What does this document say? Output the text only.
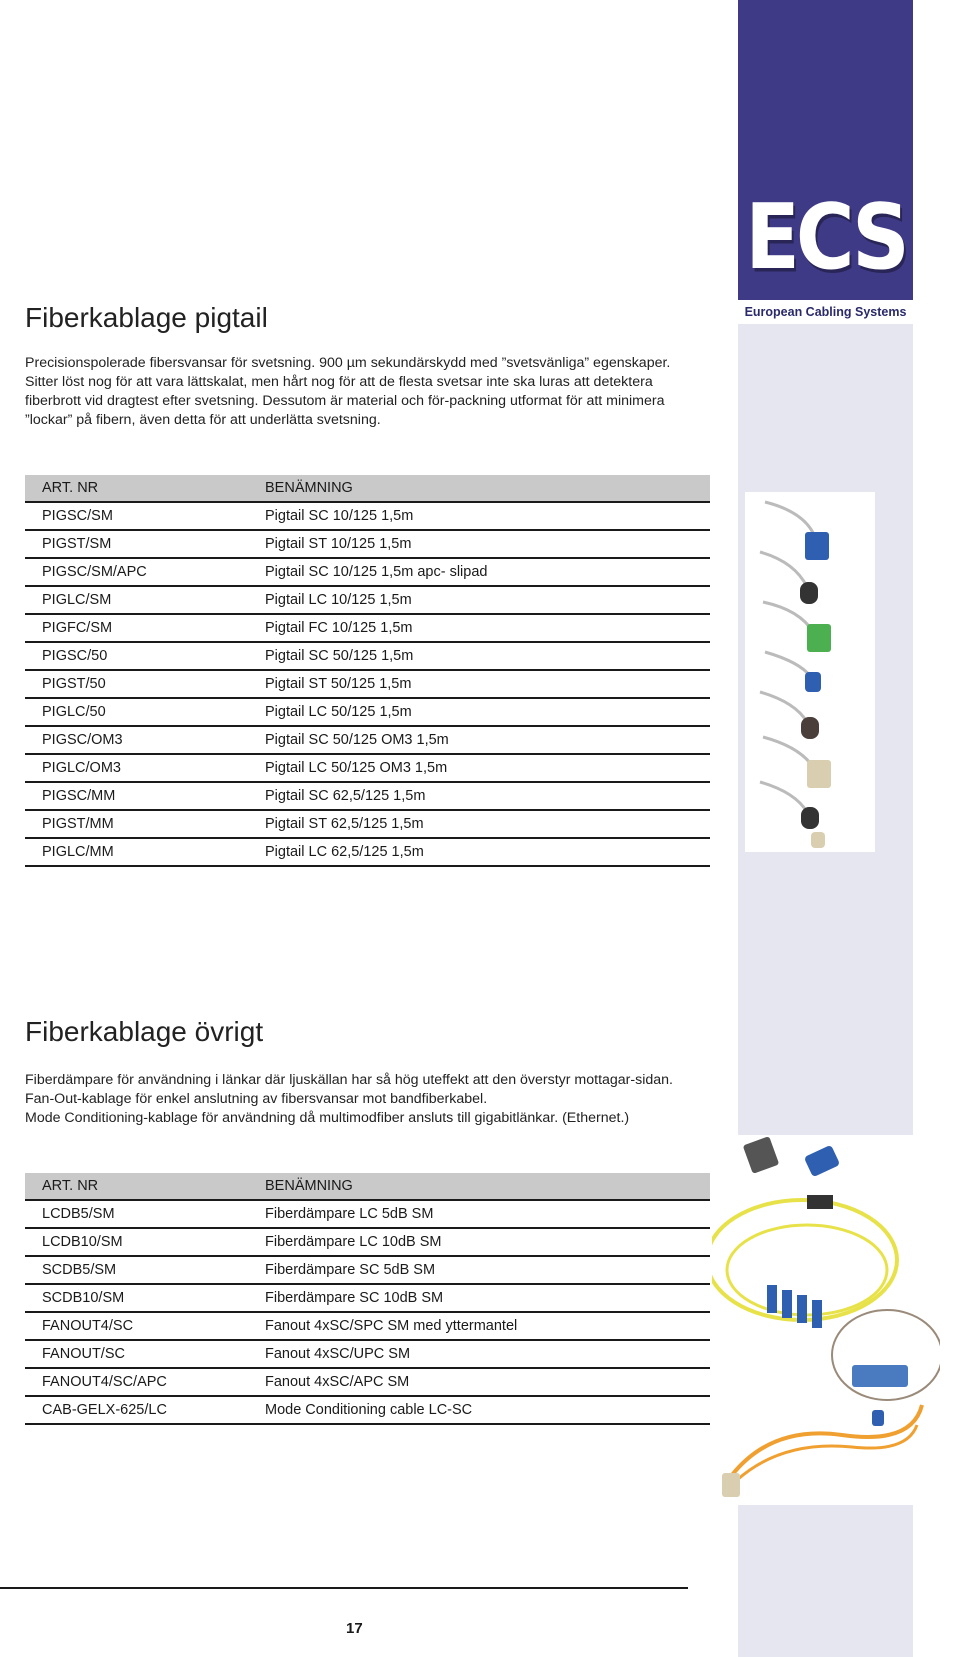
ECS
European Cabling Systems
Fiberkablage pigtail

Precisionspolerade fibersvansar för svetsning. 900 µm sekundärskydd med ”svetsvänliga” egenskaper. Sitter löst nog för att vara lättskalat, men hårt nog för att de flesta svetsar inte ska luras att detektera fiberbrott vid dragtest efter svetsning. Dessutom är material och för-packning utformat för att minimera ”lockar” på fibern, även detta för att underlätta svetsning.

ART. NR	BENÄMNING
PIGSC/SM	Pigtail SC 10/125 1,5m
PIGST/SM	Pigtail ST 10/125 1,5m
PIGSC/SM/APC	Pigtail SC 10/125 1,5m apc- slipad
PIGLC/SM	Pigtail LC 10/125 1,5m
PIGFC/SM	Pigtail FC 10/125 1,5m
PIGSC/50	Pigtail SC 50/125 1,5m
PIGST/50	Pigtail ST 50/125 1,5m
PIGLC/50	Pigtail LC 50/125 1,5m
PIGSC/OM3	Pigtail SC 50/125 OM3 1,5m
PIGLC/OM3	Pigtail LC 50/125 OM3 1,5m
PIGSC/MM	Pigtail SC 62,5/125 1,5m
PIGST/MM	Pigtail ST 62,5/125 1,5m
PIGLC/MM	Pigtail LC 62,5/125 1,5m
Fiberkablage övrigt

Fiberdämpare för användning i länkar där ljuskällan har så hög uteffekt att den överstyr mottagar-sidan.

Fan-Out-kablage för enkel anslutning av fibersvansar mot bandfiberkabel.

Mode Conditioning-kablage för användning då multimodfiber ansluts till gigabitlänkar. (Ethernet.)

ART. NR	BENÄMNING
LCDB5/SM	Fiberdämpare LC 5dB SM
LCDB10/SM	Fiberdämpare LC 10dB SM
SCDB5/SM	Fiberdämpare SC 5dB SM
SCDB10/SM	Fiberdämpare SC 10dB SM
FANOUT4/SC	Fanout 4xSC/SPC SM med yttermantel
FANOUT/SC	Fanout 4xSC/UPC SM
FANOUT4/SC/APC	Fanout 4xSC/APC SM
CAB-GELX-625/LC	Mode Conditioning cable LC-SC
17
